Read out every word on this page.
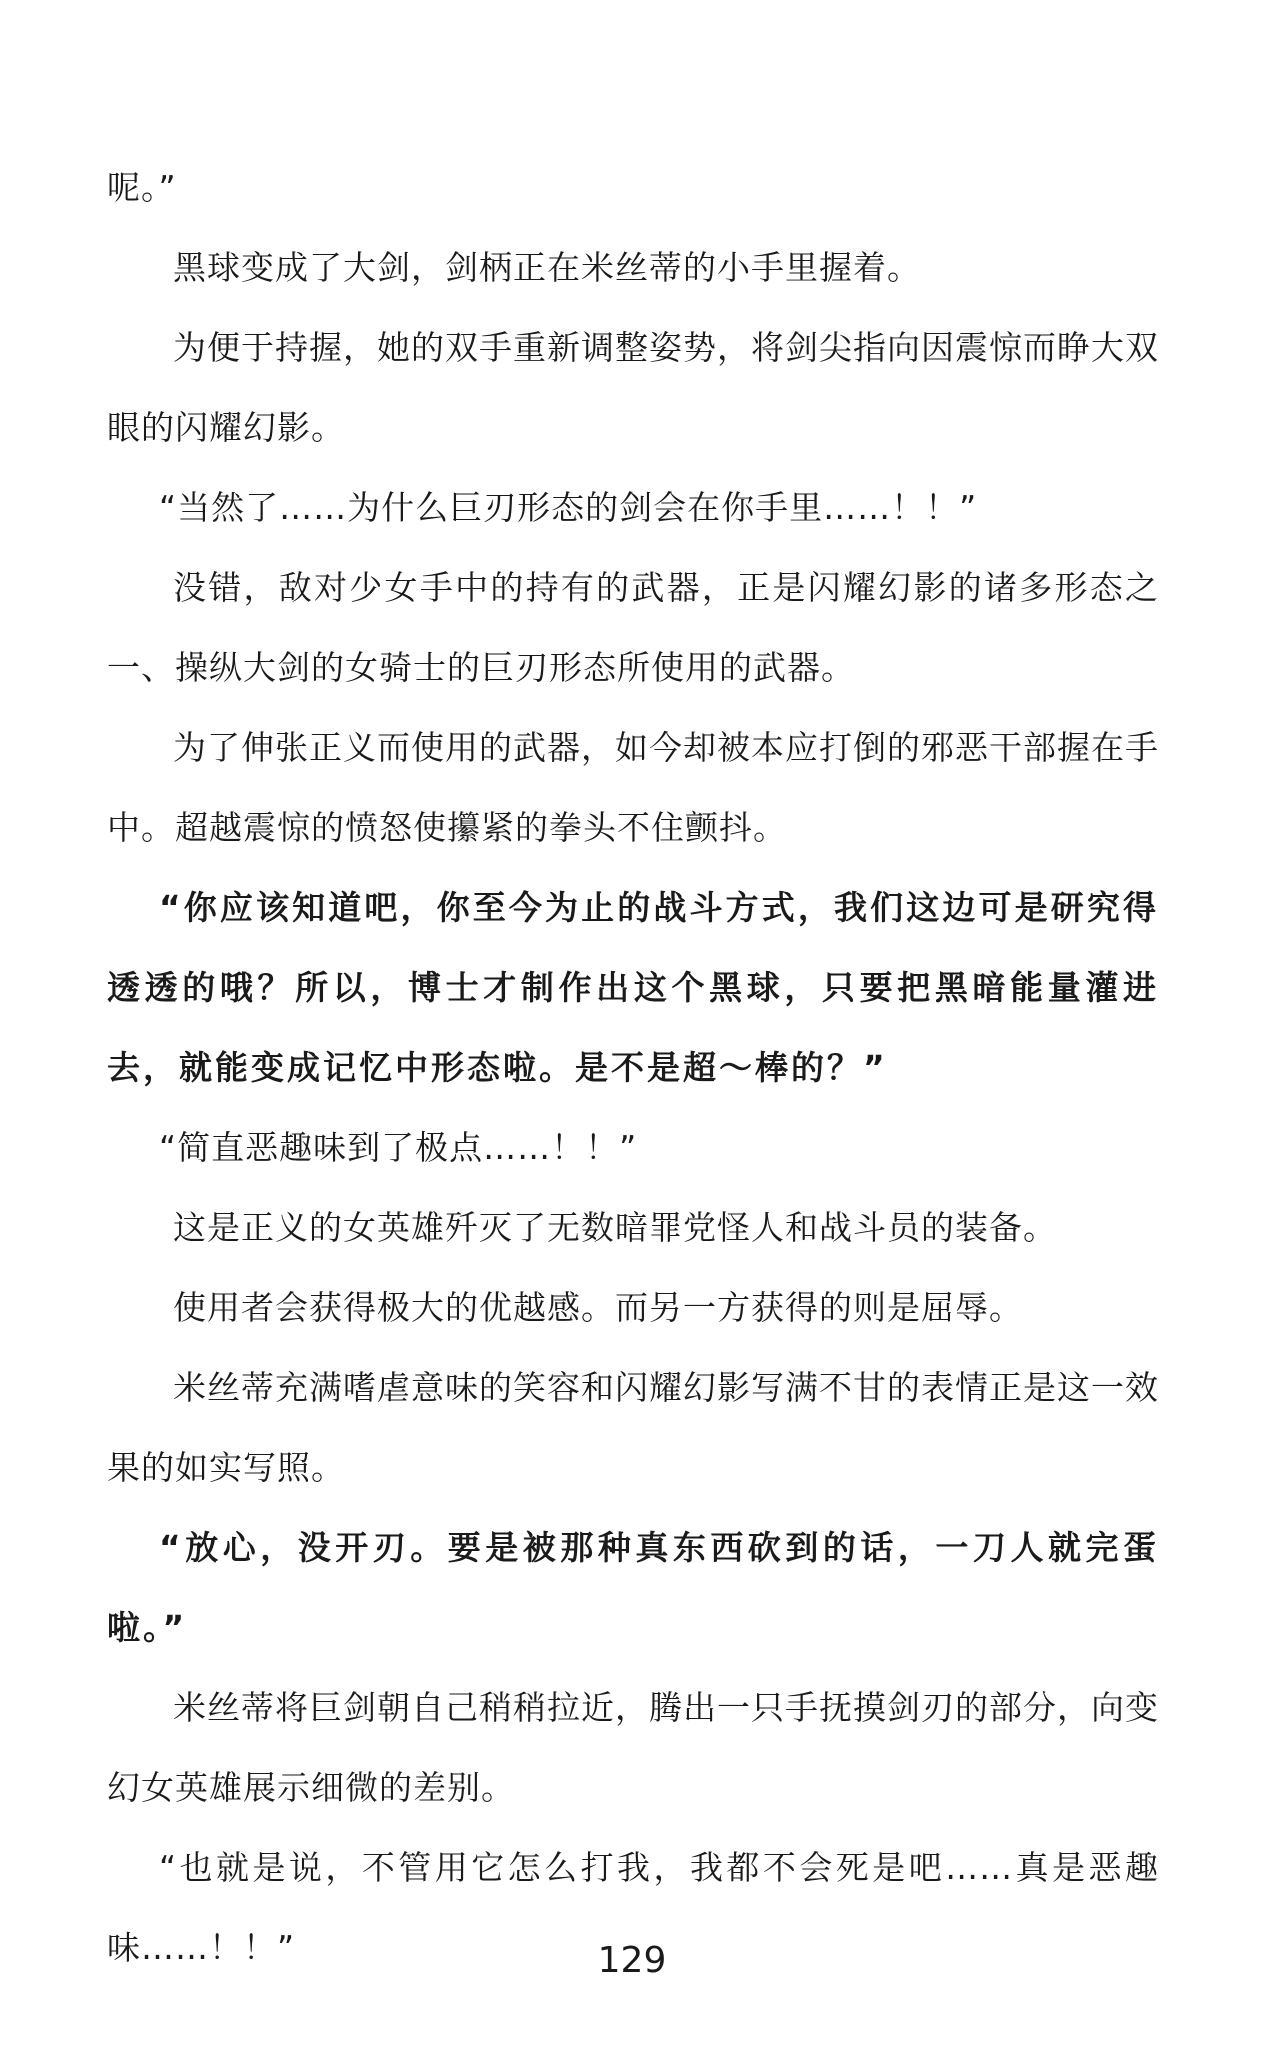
呢。”

黑球变成了大剑，剑柄正在米丝蒂的小手里握着。

为便于持握，她的双手重新调整姿势，将剑尖指向因震惊而睁大双眼的闪耀幻影。

“当然了……为什么巨刃形态的剑会在你手里……！！”

没错，敌对少女手中的持有的武器，正是闪耀幻影的诸多形态之一、操纵大剑的女骑士的巨刃形态所使用的武器。

为了伸张正义而使用的武器，如今却被本应打倒的邪恶干部握在手中。超越震惊的愤怒使攥紧的拳头不住颤抖。

“你应该知道吧，你至今为止的战斗方式，我们这边可是研究得透透的哦？所以，博士才制作出这个黑球，只要把黑暗能量灌进去，就能变成记忆中形态啦。是不是超～棒的？”

“简直恶趣味到了极点……！！”

这是正义的女英雄歼灭了无数暗罪党怪人和战斗员的装备。

使用者会获得极大的优越感。而另一方获得的则是屈辱。

米丝蒂充满嗜虐意味的笑容和闪耀幻影写满不甘的表情正是这一效果的如实写照。

“放心，没开刃。要是被那种真东西砍到的话，一刀人就完蛋啦。”

米丝蒂将巨剑朝自己稍稍拉近，腾出一只手抚摸剑刃的部分，向变幻女英雄展示细微的差别。

“也就是说，不管用它怎么打我，我都不会死是吧……真是恶趣味……！！”	129
